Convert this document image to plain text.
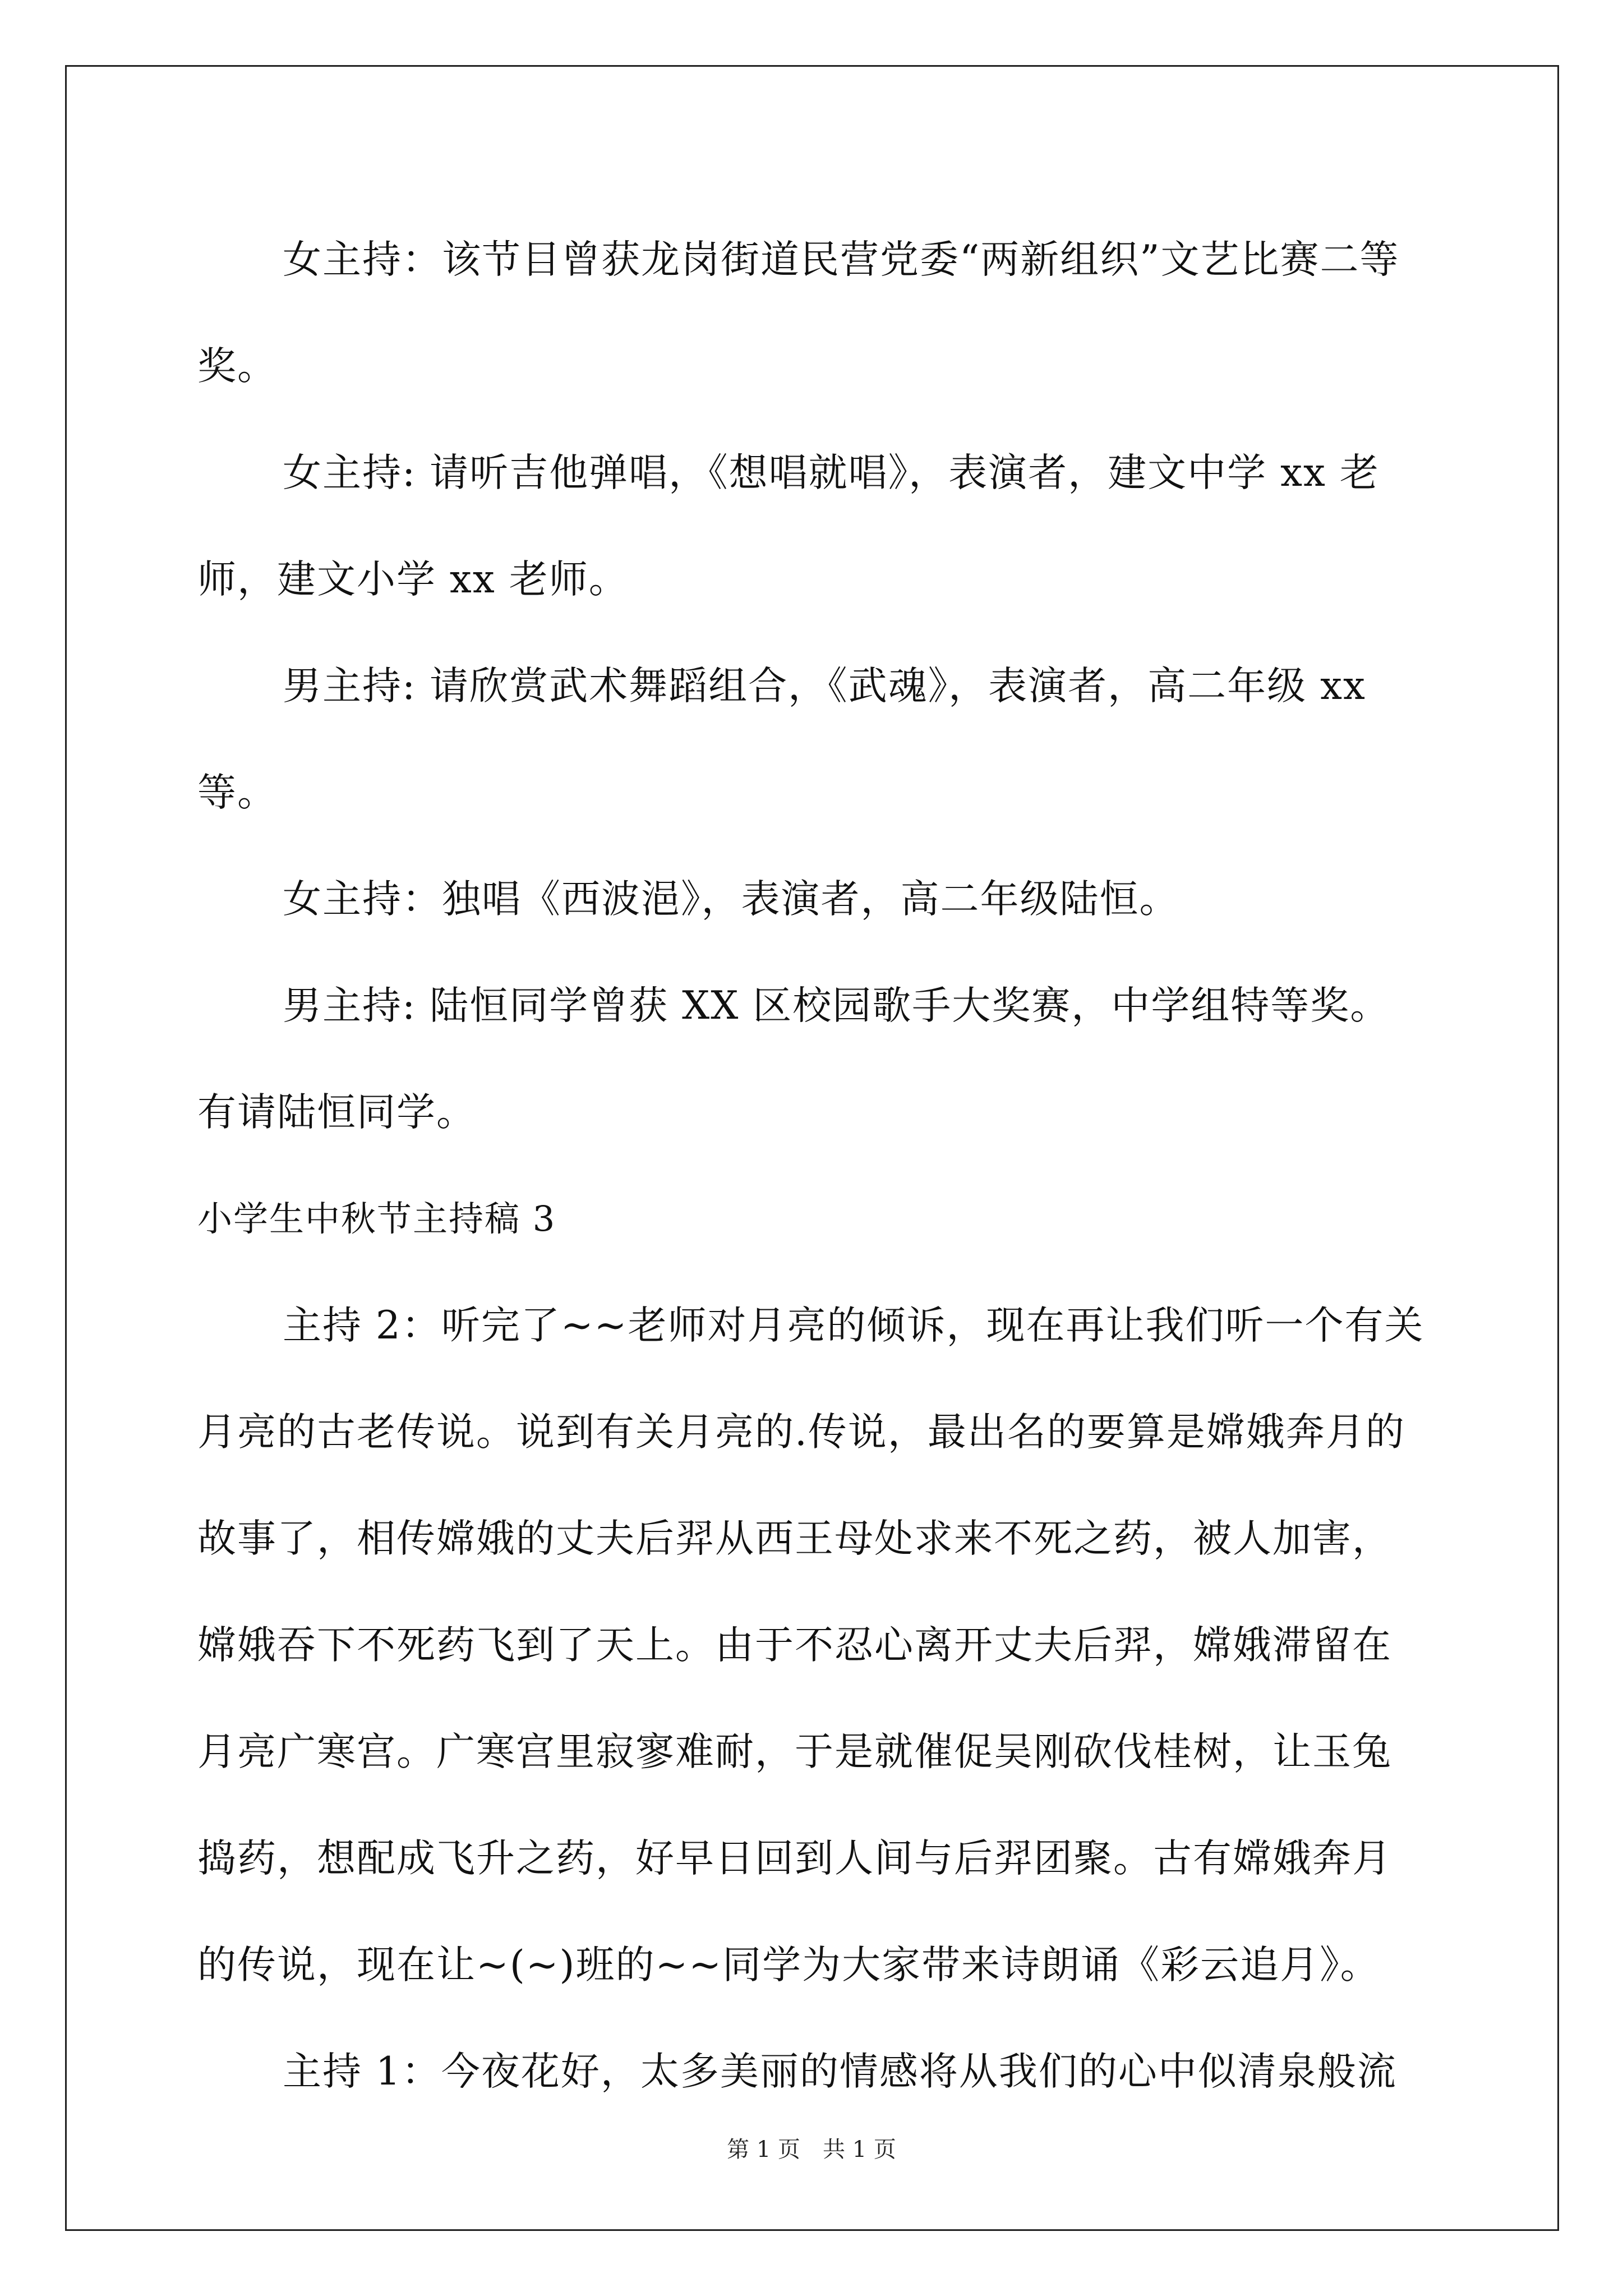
女主持：该节目曾获龙岗街道民营党委“两新组织”文艺比赛二等奖。

女主持: 请听吉他弹唱，《想唱就唱》，表演者，建文中学 xx 老师，建文小学 xx 老师。

男主持: 请欣赏武术舞蹈组合，《武魂》，表演者，高二年级 xx 等。

女主持：独唱《西波浥》，表演者，高二年级陆恒。

男主持: 陆恒同学曾获 XX 区校园歌手大奖赛，中学组特等奖。有请陆恒同学。

小学生中秋节主持稿 3

主持 2：听完了~~老师对月亮的倾诉，现在再让我们听一个有关月亮的古老传说。说到有关月亮的.传说，最出名的要算是嫦娥奔月的故事了，相传嫦娥的丈夫后羿从西王母处求来不死之药，被人加害，嫦娥吞下不死药飞到了天上。由于不忍心离开丈夫后羿，嫦娥滞留在月亮广寒宫。广寒宫里寂寥难耐，于是就催促吴刚砍伐桂树，让玉兔捣药，想配成飞升之药，好早日回到人间与后羿团聚。古有嫦娥奔月的传说，现在让~(~)班的~~同学为大家带来诗朗诵《彩云追月》。

主持 1：今夜花好，太多美丽的情感将从我们的心中似清泉般流

第 1 页　共 1 页
